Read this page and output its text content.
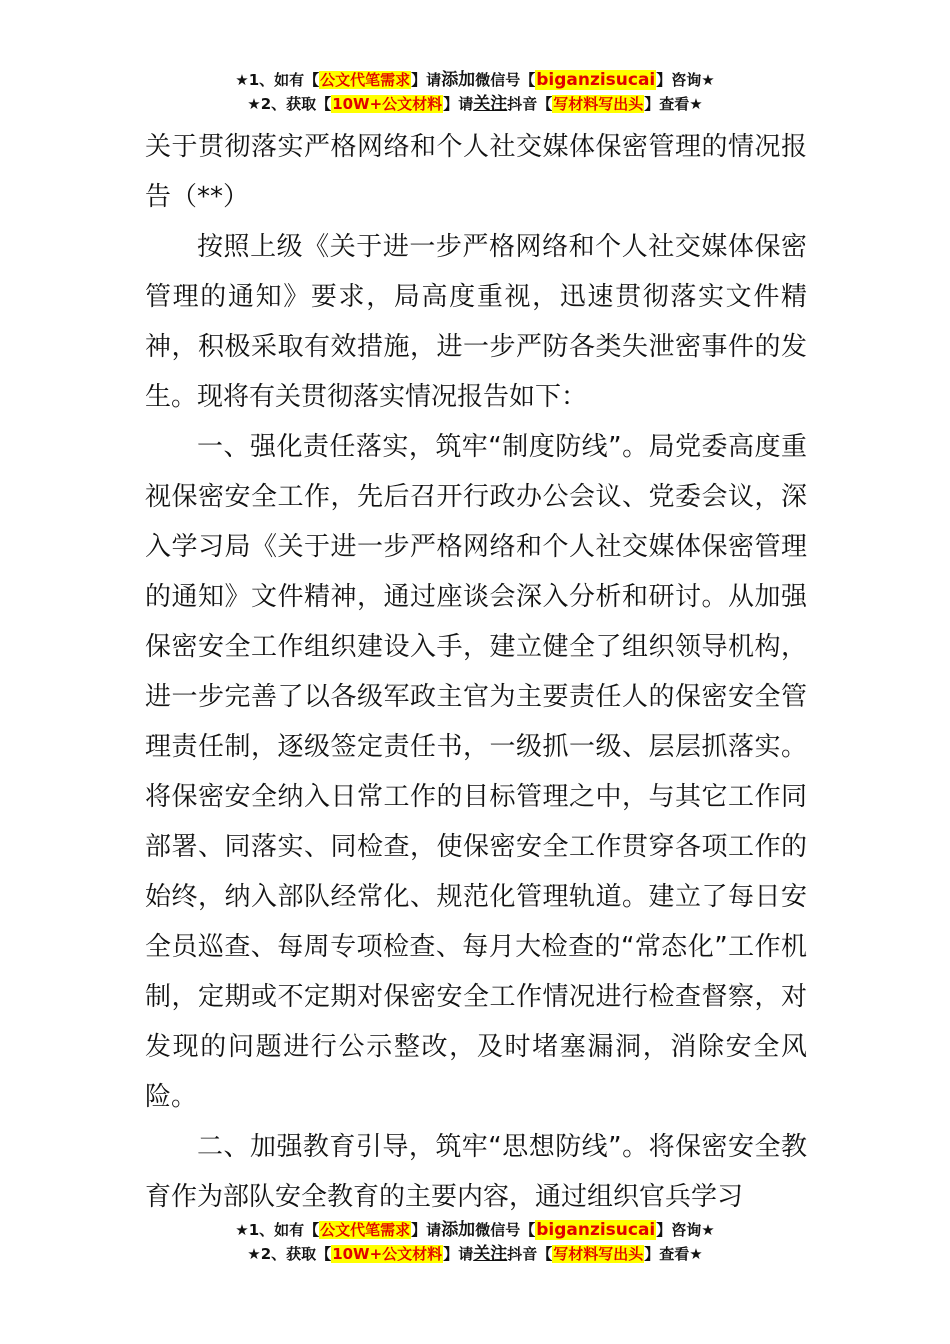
★1、如有【公文代笔需求】请添加微信号【biganzisucai】咨询★
★2、获取【10W+公文材料】请关注抖音【写材料写出头】查看★

关于贯彻落实严格网络和个人社交媒体保密管理的情况报告（**）

按照上级《关于进一步严格网络和个人社交媒体保密管理的通知》要求，局高度重视，迅速贯彻落实文件精神，积极采取有效措施，进一步严防各类失泄密事件的发生。现将有关贯彻落实情况报告如下：

一、强化责任落实，筑牢“制度防线”。局党委高度重视保密安全工作，先后召开行政办公会议、党委会议，深入学习局《关于进一步严格网络和个人社交媒体保密管理的通知》文件精神，通过座谈会深入分析和研讨。从加强保密安全工作组织建设入手，建立健全了组织领导机构，进一步完善了以各级军政主官为主要责任人的保密安全管理责任制，逐级签定责任书，一级抓一级、层层抓落实。将保密安全纳入日常工作的目标管理之中，与其它工作同部署、同落实、同检查，使保密安全工作贯穿各项工作的始终，纳入部队经常化、规范化管理轨道。建立了每日安全员巡查、每周专项检查、每月大检查的“常态化”工作机制，定期或不定期对保密安全工作情况进行检查督察，对发现的问题进行公示整改，及时堵塞漏洞，消除安全风险。

二、加强教育引导，筑牢“思想防线”。将保密安全教育作为部队安全教育的主要内容，通过组织官兵学习

★1、如有【公文代笔需求】请添加微信号【biganzisucai】咨询★
★2、获取【10W+公文材料】请关注抖音【写材料写出头】查看★
